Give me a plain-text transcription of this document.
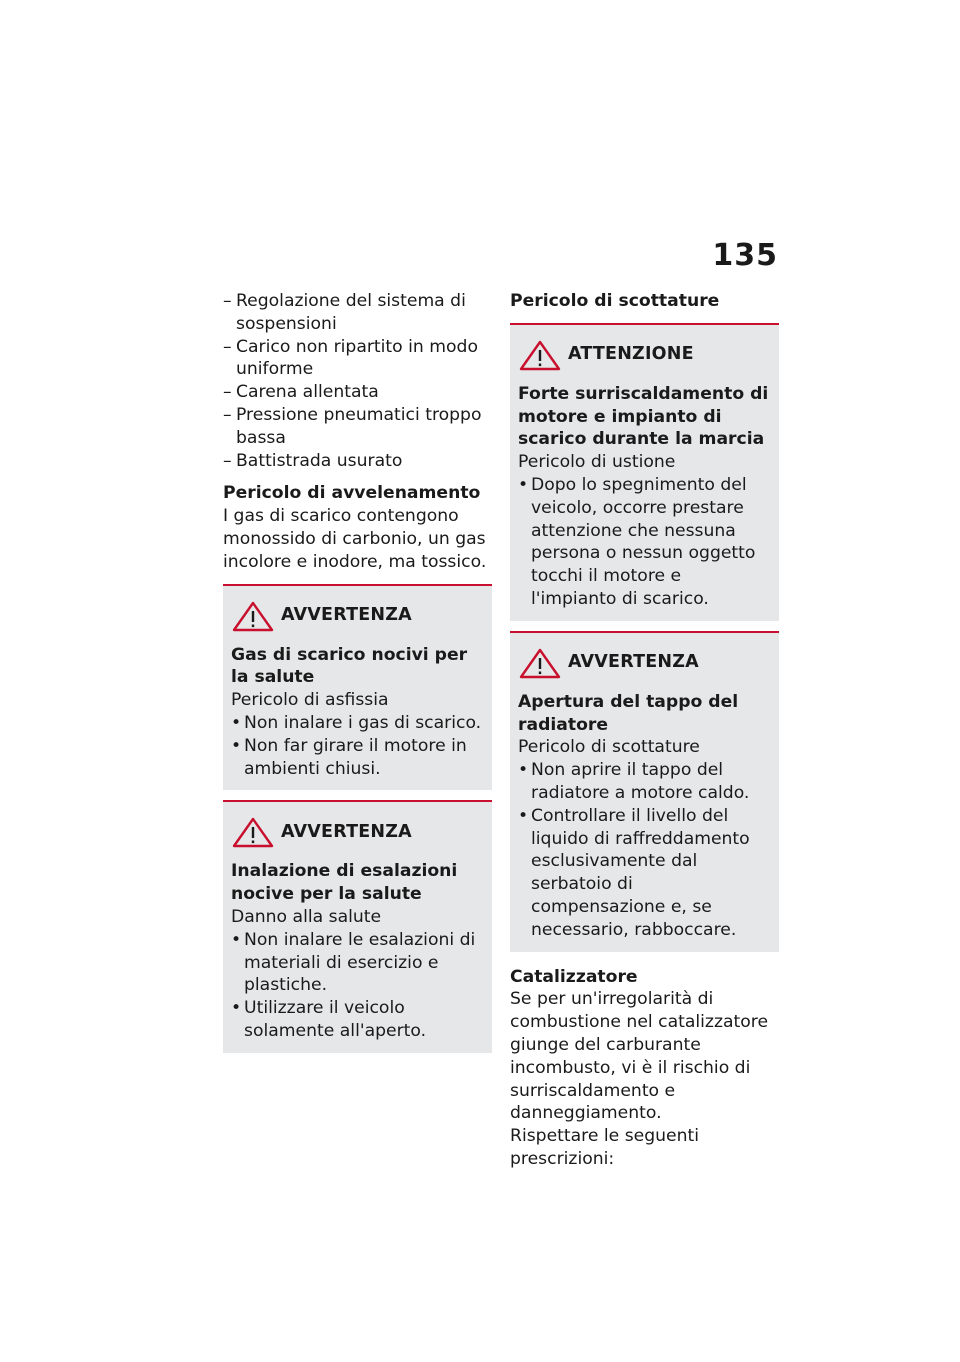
135
– Regolazione del sistema di sospensioni
– Carico non ripartito in modo uniforme
– Carena allentata
– Pressione pneumatici troppo bassa
– Battistrada usurato
Pericolo di avvelenamento

I gas di scarico contengono monossido di carbonio, un gas incolore e inodore, ma tossico.

AVVERTENZA
Gas di scarico nocivi per la salute
Pericolo di asfissia
• Non inalare i gas di scarico.
• Non far girare il motore in ambienti chiusi.
AVVERTENZA
Inalazione di esalazioni nocive per la salute
Danno alla salute
• Non inalare le esalazioni di materiali di esercizio e plastiche.
• Utilizzare il veicolo solamente all'aperto.
Pericolo di scottature
ATTENZIONE
Forte surriscaldamento di motore e impianto di scarico durante la marcia
Pericolo di ustione
• Dopo lo spegnimento del veicolo, occorre prestare attenzione che nessuna persona o nessun oggetto tocchi il motore e l'impianto di scarico.
AVVERTENZA
Apertura del tappo del radiatore
Pericolo di scottature
• Non aprire il tappo del radiatore a motore caldo.
• Controllare il livello del liquido di raffreddamento esclusivamente dal serbatoio di compensazione e, se necessario, rabboccare.
Catalizzatore

Se per un'irregolarità di combustione nel catalizzatore giunge del carburante incombusto, vi è il rischio di surriscaldamento e danneggiamento.

Rispettare le seguenti prescrizioni:
